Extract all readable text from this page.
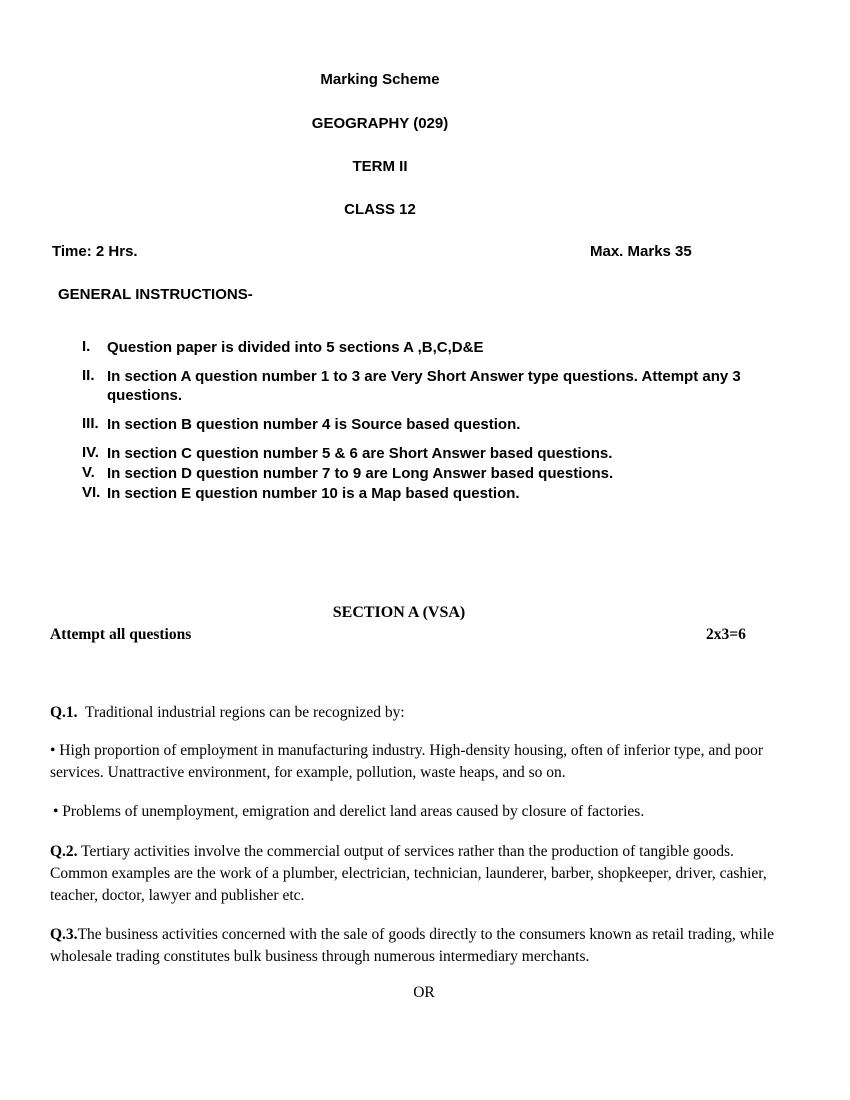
Marking Scheme
GEOGRAPHY (029)
TERM II
CLASS 12
Time: 2 Hrs.	Max. Marks 35
GENERAL INSTRUCTIONS-
I.	Question paper is divided into 5 sections A ,B,C,D&E
II. In section A question number 1 to 3 are Very Short Answer type questions. Attempt any 3 questions.
III. In section B question number 4 is Source based question.
IV. In section C question number 5 & 6 are Short Answer based questions.
V. In section D question number 7 to 9 are Long Answer based questions.
VI. In section E question number 10 is a Map based question.
SECTION A (VSA)
Attempt all questions	2x3=6
Q.1. Traditional industrial regions can be recognized by:
• High proportion of employment in manufacturing industry. High-density housing, often of inferior type, and poor services. Unattractive environment, for example, pollution, waste heaps, and so on.
• Problems of unemployment, emigration and derelict land areas caused by closure of factories.
Q.2. Tertiary activities involve the commercial output of services rather than the production of tangible goods. Common examples are the work of a plumber, electrician, technician, launderer, barber, shopkeeper, driver, cashier, teacher, doctor, lawyer and publisher etc.
Q.3.The business activities concerned with the sale of goods directly to the consumers known as retail trading, while wholesale trading constitutes bulk business through numerous intermediary merchants.
OR
